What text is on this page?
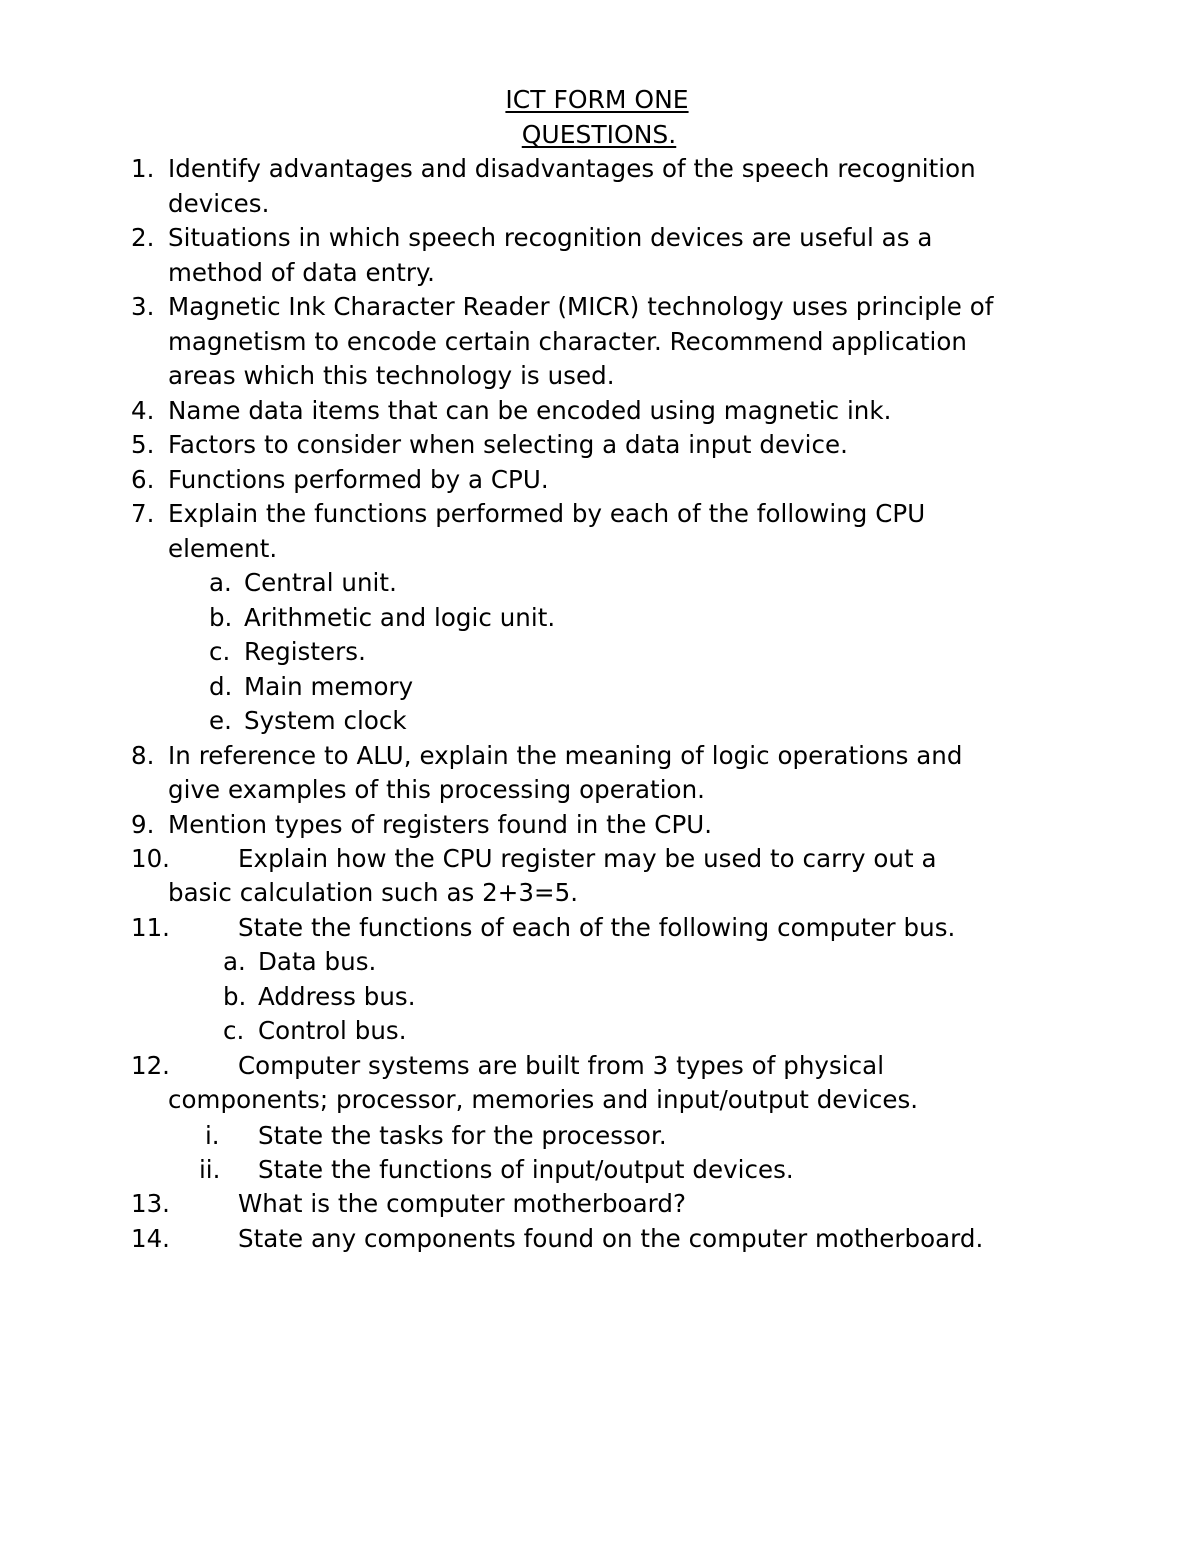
ICT FORM ONE
QUESTIONS.
1. Identify advantages and disadvantages of the speech recognition
devices.
2. Situations in which speech recognition devices are useful as a
method of data entry.
3. Magnetic Ink Character Reader (MICR) technology uses principle of
magnetism to encode certain character. Recommend application
areas which this technology is used.
4. Name data items that can be encoded using magnetic ink.
5. Factors to consider when selecting a data input device.
6. Functions performed by a CPU.
7. Explain the functions performed by each of the following CPU
element.
a. Central unit.
b. Arithmetic and logic unit.
c. Registers.
d. Main memory
e. System clock
8. In reference to ALU, explain the meaning of logic operations and
give examples of this processing operation.
9. Mention types of registers found in the CPU.
10.	Explain how the CPU register may be used to carry out a
basic calculation such as 2+3=5.
11.	State the functions of each of the following computer bus.
a. Data bus.
b. Address bus.
c. Control bus.
12.	Computer systems are built from 3 types of physical
components; processor, memories and input/output devices.
i. State the tasks for the processor.
ii. State the functions of input/output devices.
13.	What is the computer motherboard?
14.	State any components found on the computer motherboard.
